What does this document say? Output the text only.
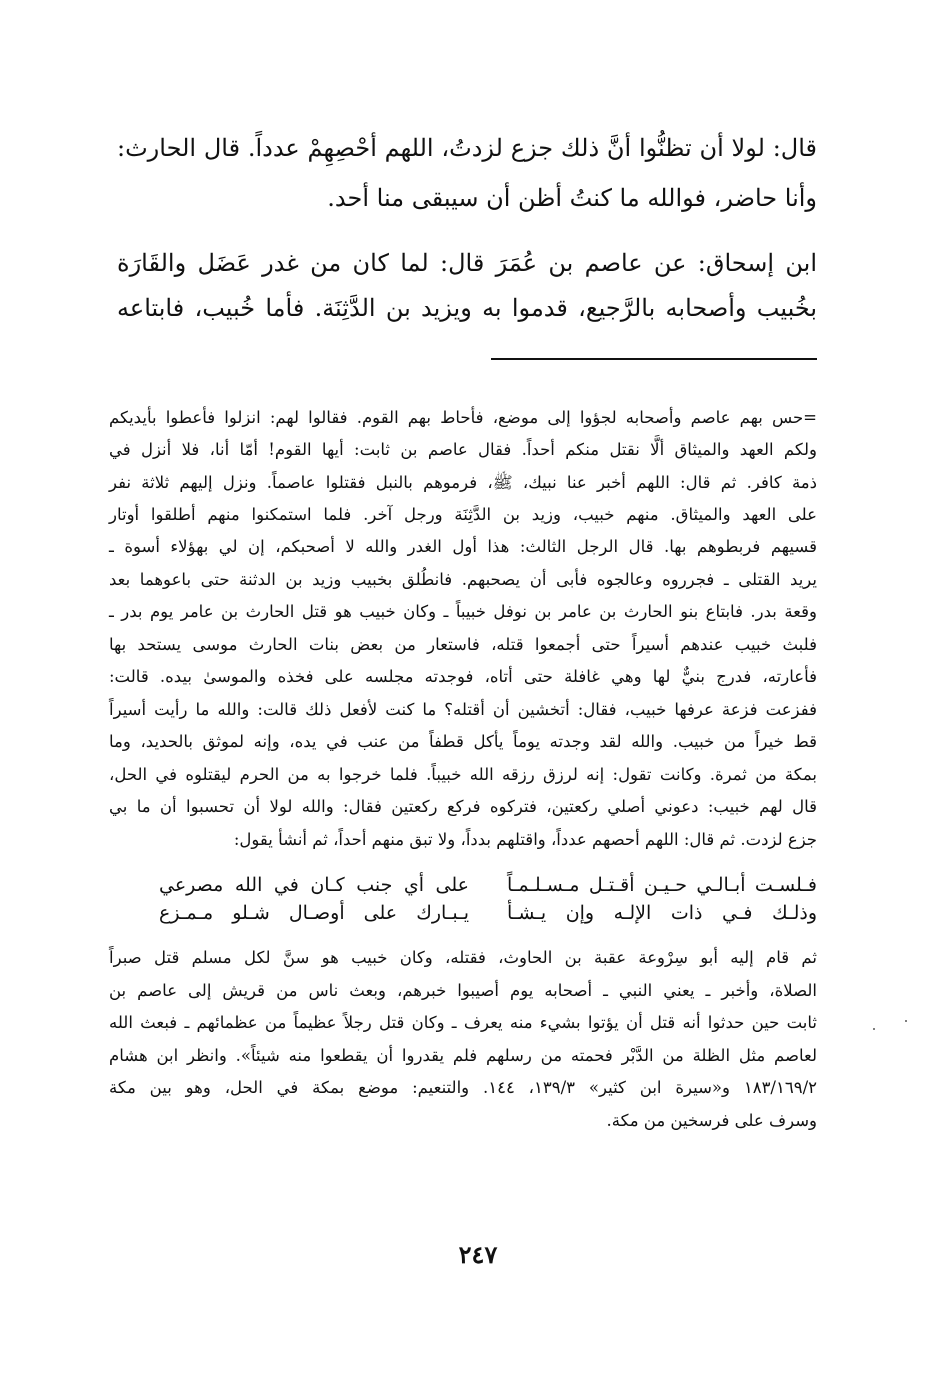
قال: لولا أن تظنُّوا أنَّ ذلك جزع لزدتُ، اللهم أحْصِهِمْ عدداً. قال الحارث:
وأنا حاضر، فوالله ما كنتُ أظن أن سيبقى منا أحد.
ابن إسحاق: عن عاصم بن عُمَرَ قال: لما كان من غدر عَضَل والقَارَة
بخُبيب وأصحابه بالرَّجيع، قدموا به ويزيد بن الدَّثِنَة. فأما خُبيب، فابتاعه
=حس بهم عاصم وأصحابه لجؤوا إلى موضع، فأحاط بهم القوم. فقالوا لهم: انزلوا فأعطوا بأيديكم
ولكم العهد والميثاق ألَّا نقتل منكم أحداً. فقال عاصم بن ثابت: أيها القوم! أمّا أنا، فلا أنزل في
ذمة كافر. ثم قال: اللهم أخبر عنا نبيك، ﷺ، فرموهم بالنبل فقتلوا عاصماً. ونزل إليهم ثلاثة نفر
على العهد والميثاق. منهم خبيب، وزيد بن الدَّثِنَة ورجل آخر. فلما استمكنوا منهم أطلقوا أوتار
قسيهم فربطوهم بها. قال الرجل الثالث: هذا أول الغدر والله لا أصحبكم، إن لي بهؤلاء أسوة ـ
يريد القتلى ـ فجرروه وعالجوه فأبى أن يصحبهم. فانطُلق بخبيب وزيد بن الدثنة حتى باعوهما بعد
وقعة بدر. فابتاع بنو الحارث بن عامر بن نوفل خبيباً ـ وكان خبيب هو قتل الحارث بن عامر يوم بدر ـ
فلبث خبيب عندهم أسيراً حتى أجمعوا قتله، فاستعار من بعض بنات الحارث موسى يستحد بها
فأعارته، فدرج بنيٌّ لها وهي غافلة حتى أتاه، فوجدته مجلسه على فخذه والموسىٰ بيده. قالت:
ففزعت فزعة عرفها خبيب، فقال: أتخشين أن أقتله؟ ما كنت لأفعل ذلك قالت: والله ما رأيت أسيراً
قط خيراً من خبيب. والله لقد وجدته يوماً يأكل قطفاً من عنب في يده، وإنه لموثق بالحديد، وما
بمكة من ثمرة. وكانت تقول: إنه لرزق رزقه الله خبيباً. فلما خرجوا به من الحرم ليقتلوه في الحل،
قال لهم خبيب: دعوني أصلي ركعتين، فتركوه فركع ركعتين فقال: والله لولا أن تحسبوا أن ما بي
جزع لزدت. ثم قال: اللهم أحصهم عدداً، واقتلهم بدداً، ولا تبق منهم أحداً، ثم أنشأ يقول:
فـلسـت أبـالـي حـيـن أقـتـل مـسـلـمـاً
على أي جنب كـان في الله مصرعي
وذلـك فـي ذات الإلـه وإن يـشـأ
يـبـارك على أوصـال شـلو مـمـزع
ثم قام إليه أبو سِرْوعة عقبة بن الحاوث، فقتله، وكان خبيب هو سنَّ لكل مسلم قتل صبراً
الصلاة، وأخبر ـ يعني النبي ـ أصحابه يوم أصيبوا خبرهم، وبعث ناس من قريش إلى عاصم بن
ثابت حين حدثوا أنه قتل أن يؤتوا بشيء منه يعرف ـ وكان قتل رجلاً عظيماً من عظمائهم ـ فبعث الله
لعاصم مثل الظلة من الدَّبْر فحمته من رسلهم فلم يقدروا أن يقطعوا منه شيئاً». وانظر ابن هشام
١٨٣/١٦٩/٢ و«سيرة ابن كثير» ١٣٩/٣، ١٤٤. والتنعيم: موضع بمكة في الحل، وهو بين مكة
وسرف على فرسخين من مكة.
٢٤٧
